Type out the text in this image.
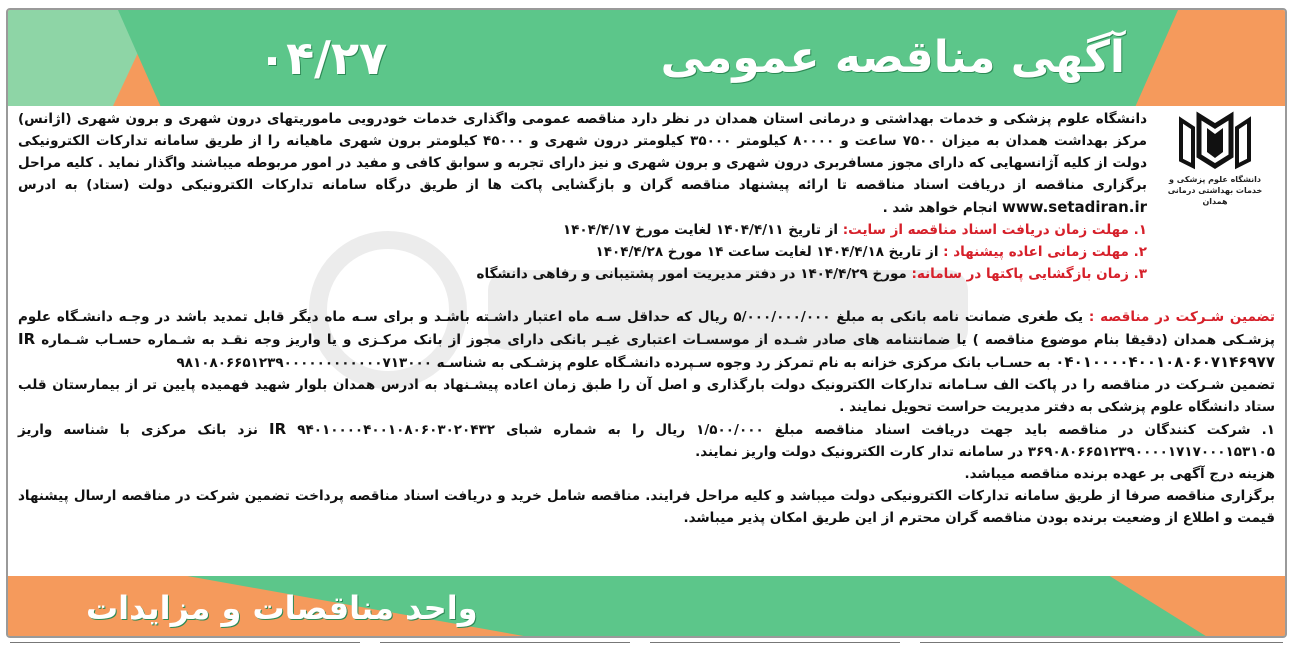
۰۴/۲۷	آگهی مناقصه عمومی
دانشگاه علوم پزشکی و
خدمات بهداشتی درمانی همدان

دانشگاه علوم پزشکی و خدمات بهداشتی و درمانی استان همدان در نظر دارد مناقصه عمومی واگذاری خدمات خودرویی ماموریتهای درون شهری و برون شهری (اژانس) مرکز بهداشت همدان به میزان ۷۵۰۰ ساعت و ۸۰۰۰۰ کیلومتر ۳۵۰۰۰ کیلومتر درون شهری و ۴۵۰۰۰ کیلومتر برون شهری ماهیانه را از طریق سامانه تدارکات الکترونیکی دولت از کلیه آژانسهایی که دارای مجوز مسافربری درون شهری و برون شهری و نیز دارای تجربه و سوابق کافی و مفید در امور مربوطه میباشند واگذار نماید . کلیه مراحل برگزاری مناقصه از دریافت اسناد مناقصه تا ارائه پیشنهاد مناقصه گران و بازگشایی پاکت ها از طریق درگاه سامانه تدارکات الکترونیکی دولت (ستاد) به ادرس www.setadiran.ir انجام خواهد شد .

۱. مهلت زمان دریافت اسناد مناقصه از سایت: از تاریخ ۱۴۰۴/۴/۱۱ لغایت مورخ ۱۴۰۴/۴/۱۷

۲. مهلت زمانی اعاده پیشنهاد : از تاریخ ۱۴۰۴/۴/۱۸ لغایت ساعت ۱۴ مورخ ۱۴۰۴/۴/۲۸

۳. زمان بازگشایی پاکتها در سامانه: مورخ ۱۴۰۴/۴/۲۹ در دفتر مدیریت امور پشتیبانی و رفاهی دانشگاه

تضمین شـرکت در مناقصه : یک طغری ضمانت نامه بانکی به مبلغ ۵/۰۰۰/۰۰۰/۰۰۰ ریال که حداقل سـه ماه اعتبار داشـته باشـد و برای سـه ماه دیگر قابل تمدید باشد در وجـه دانشـگاه علوم پزشـکی همدان (دقیقا بنام موضوع مناقصه ) یا ضمانتنامه های صادر شـده از موسسـات اعتباری غیـر بانکی دارای مجوز از بانک مرکـزی و یا واریز وجه نقـد به شـماره حسـاب شـماره IR ۰۴۰۱۰۰۰۰۴۰۰۱۰۸۰۶۰۷۱۴۶۹۷۷ به حسـاب بانک مرکزی خزانه به نام تمرکز رد وجوه سـپرده دانشـگاه علوم پزشـکی به شناسـه ۹۸۱۰۸۰۶۶۵۱۲۳۹۰۰۰۰۰۰۰۰۰۰۰۰۷۱۳۰۰۰

تضمین شـرکت در مناقصه را در پاکت الف سـامانه تدارکات الکترونیک دولت بارگذاری و اصل آن را طبق زمان اعاده پیشـنهاد به ادرس همدان بلوار شهید فهمیده پایین تر از بیمارستان قلب ستاد دانشگاه علوم پزشکی به دفتر مدیریت حراست تحویل نمایند .

۱. شرکت کنندگان در مناقصه باید جهت دریافت اسناد مناقصه مبلغ ۱/۵۰۰/۰۰۰ ریال را به شماره شبای ۹۴۰۱۰۰۰۰۴۰۰۱۰۸۰۶۰۳۰۲۰۴۳۲ IR نزد بانک مرکزی با شناسه واریز ۳۶۹۰۸۰۶۶۵۱۲۳۹۰۰۰۰۱۷۱۷۰۰۰۱۵۳۱۰۵ در سامانه تدار کارت الکترونیک دولت واریز نمایند.

هزینه درج آگهی بر عهده برنده مناقصه میباشد.

برگزاری مناقصه صرفا از طریق سامانه تدارکات الکترونیکی دولت میباشد و کلیه مراحل فرایند. مناقصه شامل خرید و دریافت اسناد مناقصه پرداخت تضمین شرکت در مناقصه ارسال پیشنهاد قیمت و اطلاع از وضعیت برنده بودن مناقصه گران محترم از این طریق امکان پذیر میباشد.

واحد مناقصات و مزایدات
